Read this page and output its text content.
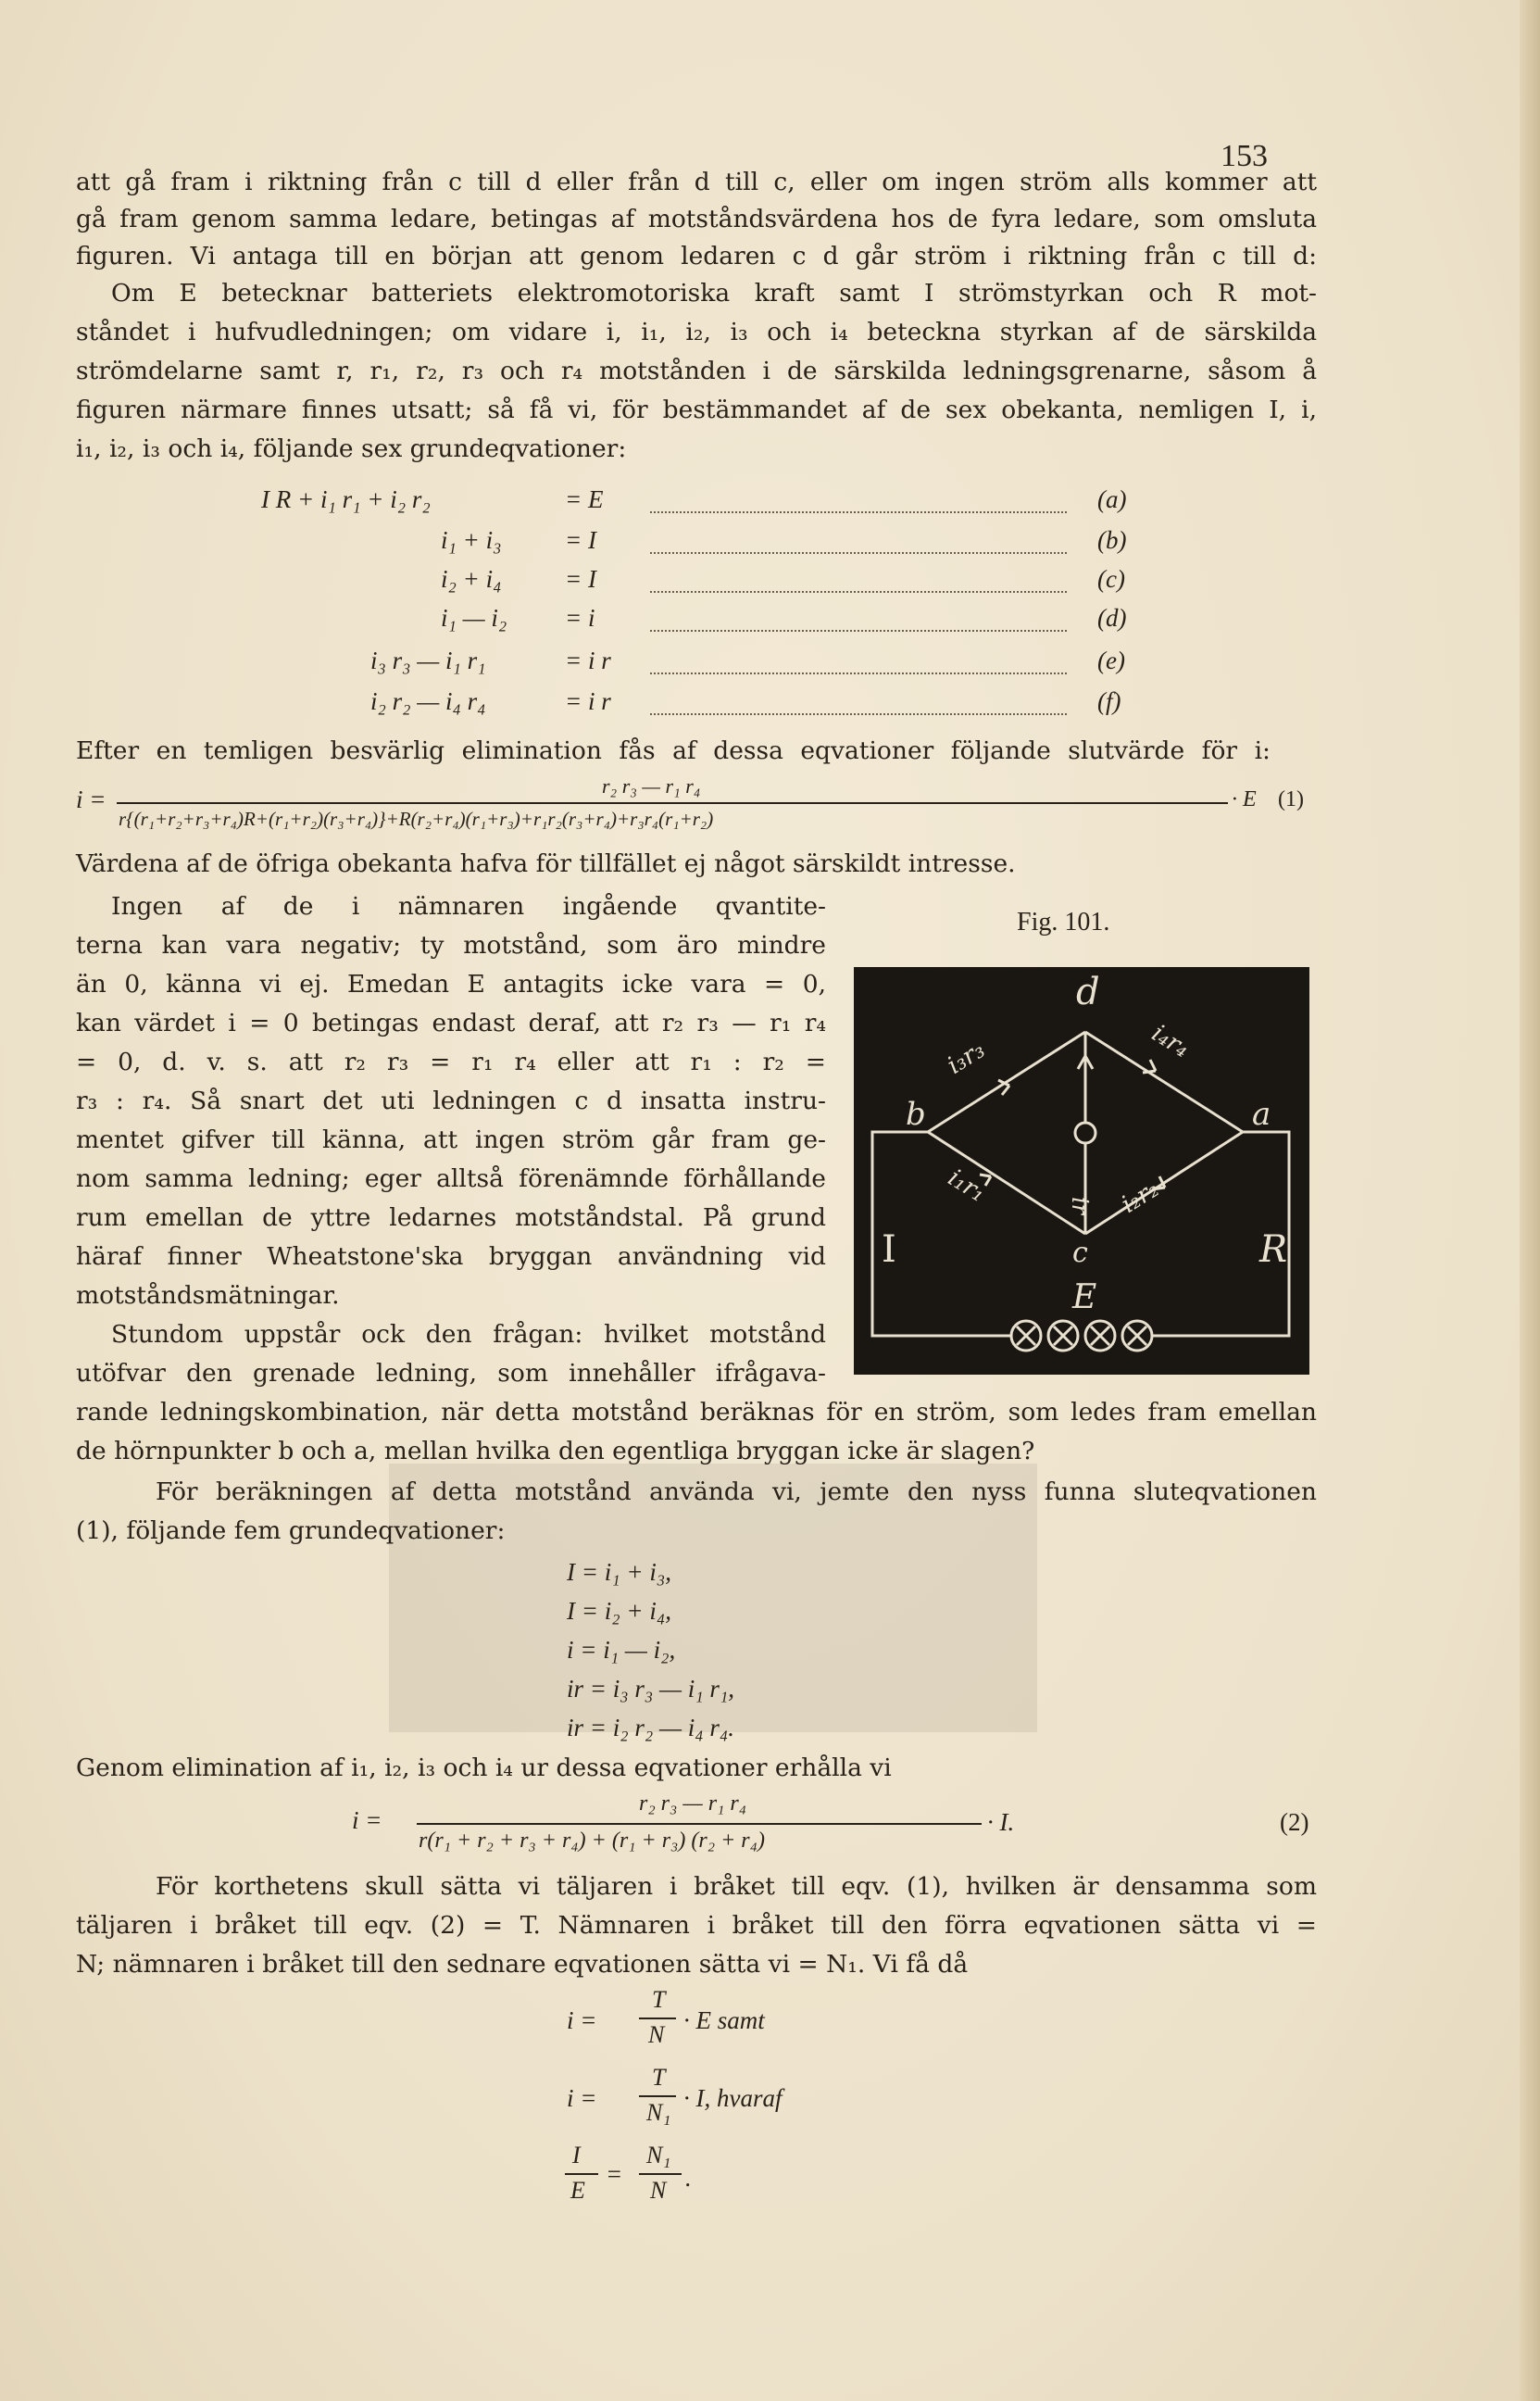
153
att gå fram i riktning från c till d eller från d till c, eller om ingen ström alls kommer att
gå fram genom samma ledare, betingas af motståndsvärdena hos de fyra ledare, som omsluta
figuren. Vi antaga till en början att genom ledaren c d går ström i riktning från c till d:
Om E betecknar batteriets elektromotoriska kraft samt I strömstyrkan och R mot-
ståndet i hufvudledningen; om vidare i, i₁, i₂, i₃ och i₄ beteckna styrkan af de särskilda
strömdelarne samt r, r₁, r₂, r₃ och r₄ motstånden i de särskilda ledningsgrenarne, såsom å
figuren närmare finnes utsatt; så få vi, för bestämmandet af de sex obekanta, nemligen I, i,
i₁, i₂, i₃ och i₄, följande sex grundeqvationer:
I R + i₁ r₁ + i₂ r₂	= E	(a)
i₁ + i₃	= I	(b)
i₂ + i₄	= I	(c)
i₁ — i₂ = i	(d)
i₃ r₃ — i₁ r₁	= i r	(e)
i₂ r₂ — i₄ r₄	= i r	(f)
Efter en temligen besvärlig elimination fås af dessa eqvationer följande slutvärde för i:
i =	r₂ r₃ — r₁ r₄
r{(r₁+r₂+r₃+r₄)R+(r₁+r₂)(r₃+r₄)}+R(r₂+r₄)(r₁+r₃)+r₁r₂(r₃+r₄)+r₃r₄(r₁+r₂)
· E (1)
Värdena af de öfriga obekanta hafva för tillfället ej något särskildt intresse.
Ingen af de i nämnaren ingående qvantite-
terna kan vara negativ; ty motstånd, som äro mindre
än 0, känna vi ej. Emedan E antagits icke vara = 0,
kan värdet i = 0 betingas endast deraf, att r₂ r₃ — r₁ r₄
= 0, d. v. s. att r₂ r₃ = r₁ r₄ eller att r₁ : r₂ =
r₃ : r₄. Så snart det uti ledningen c d insatta instru-
mentet gifver till känna, att ingen ström går fram ge-
nom samma ledning; eger alltså förenämnde förhållande
rum emellan de yttre ledarnes motståndstal. På grund
häraf finner Wheatstone'ska bryggan användning vid
motståndsmätningar.
Stundom uppstår ock den frågan: hvilket motstånd
utöfvar den grenade ledning, som innehåller ifrågava-
rande ledningskombination, när detta motstånd beräknas för en ström, som ledes fram emellan
de hörnpunkter b och a, mellan hvilka den egentliga bryggan icke är slagen?
För beräkningen af detta motstånd använda vi, jemte den nyss funna sluteqvationen
(1), följande fem grundeqvationer:
I = i₁ + i₃,
I = i₂ + i₄,
i = i₁ — i₂,
ir = i₃ r₃ — i₁ r₁,
ir = i₂ r₂ — i₄ r₄.
Genom elimination af i₁, i₂, i₃ och i₄ ur dessa eqvationer erhålla vi
i =
r₂ r₃ — r₁ r₄
r(r₁ + r₂ + r₃ + r₄) + (r₁ + r₃) (r₂ + r₄)
· I.	(2)
För korthetens skull sätta vi täljaren i bråket till eqv. (1), hvilken är densamma som
täljaren i bråket till eqv. (2) = T. Nämnaren i bråket till den förra eqvationen sätta vi =
N; nämnaren i bråket till den sednare eqvationen sätta vi = N₁. Vi få då
i =
T
N
· E samt
i =
T
N₁
· I, hvaraf
I
E
=
N₁
N .
Fig. 101.
d
b	a
c
I	R
E
i₃r₃	i₄r₄
i₁r₁	i₂r₂
ir
